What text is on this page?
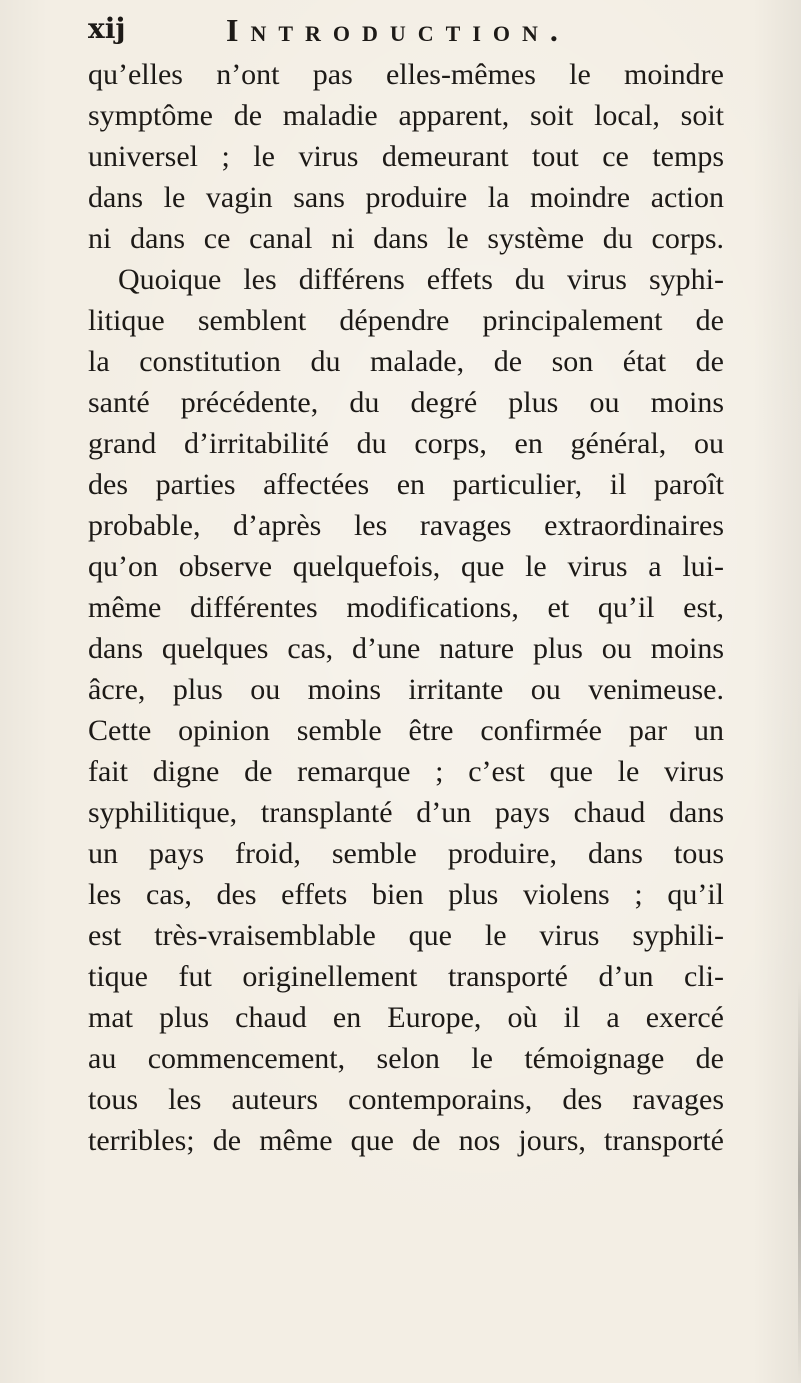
xij	Introduction.
qu’elles n’ont pas elles-mêmes le moindre
symptôme de maladie apparent, soit local, soit
universel ; le virus demeurant tout ce temps
dans le vagin sans produire la moindre action
ni dans ce canal ni dans le système du corps.
Quoique les différens effets du virus syphi-
litique semblent dépendre principalement de
la constitution du malade, de son état de
santé précédente, du degré plus ou moins
grand d’irritabilité du corps, en général, ou
des parties affectées en particulier, il paroît
probable, d’après les ravages extraordinaires
qu’on observe quelquefois, que le virus a lui-
même différentes modifications, et qu’il est,
dans quelques cas, d’une nature plus ou moins
âcre, plus ou moins irritante ou venimeuse.
Cette opinion semble être confirmée par un
fait digne de remarque ; c’est que le virus
syphilitique, transplanté d’un pays chaud dans
un pays froid, semble produire, dans tous
les cas, des effets bien plus violens ; qu’il
est très-vraisemblable que le virus syphili-
tique fut originellement transporté d’un cli-
mat plus chaud en Europe, où il a exercé
au commencement, selon le témoignage de
tous les auteurs contemporains, des ravages
terribles; de même que de nos jours, transporté
